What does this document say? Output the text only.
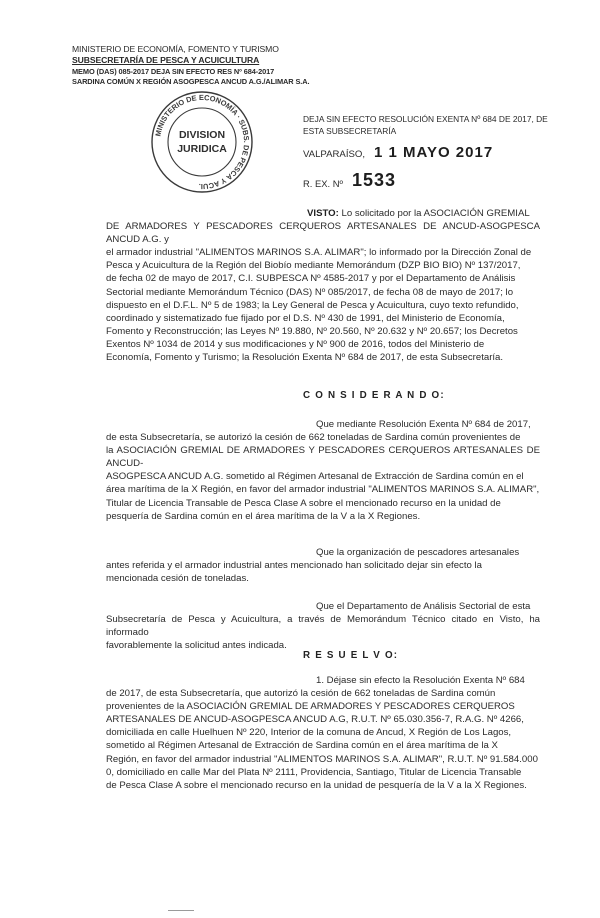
MINISTERIO DE ECONOMÍA, FOMENTO Y TURISMO
SUBSECRETARÍA DE PESCA Y ACUICULTURA
MEMO (DAS) 085-2017 DEJA SIN EFECTO RES Nº 684-2017
SARDINA COMÚN X REGIÓN ASOGPESCA ANCUD A.G./ALIMAR S.A.
MINISTERIO DE ECONOMÍA · SUBS. DE PESCA Y ACUI.
DIVISION
JURIDICA
DEJA SIN EFECTO RESOLUCIÓN EXENTA Nº 684 DE 2017, DE
ESTA SUBSECRETARÍA
VALPARAÍSO, 1 1 MAYO 2017
R. EX. Nº 1533
VISTO: Lo solicitado por la ASOCIACIÓN GREMIAL
DE ARMADORES Y PESCADORES CERQUEROS ARTESANALES DE ANCUD-ASOGPESCA ANCUD A.G. y
el armador industrial "ALIMENTOS MARINOS S.A. ALIMAR"; lo informado por la Dirección Zonal de
Pesca y Acuicultura de la Región del Biobío mediante Memorándum (DZP BIO BIO) Nº 137/2017,
de fecha 02 de mayo de 2017, C.I. SUBPESCA Nº 4585-2017 y por el Departamento de Análisis
Sectorial mediante Memorándum Técnico (DAS) Nº 085/2017, de fecha 08 de mayo de 2017; lo
dispuesto en el D.F.L. Nº 5 de 1983; la Ley General de Pesca y Acuicultura, cuyo texto refundido,
coordinado y sistematizado fue fijado por el D.S. Nº 430 de 1991, del Ministerio de Economía,
Fomento y Reconstrucción; las Leyes Nº 19.880, Nº 20.560, Nº 20.632 y Nº 20.657; los Decretos
Exentos Nº 1034 de 2014 y sus modificaciones y Nº 900 de 2016, todos del Ministerio de
Economía, Fomento y Turismo; la Resolución Exenta Nº 684 de 2017, de esta Subsecretaría.
C O N S I D E R A N D O:
Que mediante Resolución Exenta Nº 684 de 2017,
de esta Subsecretaría, se autorizó la cesión de 662 toneladas de Sardina común provenientes de
la ASOCIACIÓN GREMIAL DE ARMADORES Y PESCADORES CERQUEROS ARTESANALES DE ANCUD-
ASOGPESCA ANCUD A.G. sometido al Régimen Artesanal de Extracción de Sardina común en el
área marítima de la X Región, en favor del armador industrial "ALIMENTOS MARINOS S.A. ALIMAR",
Titular de Licencia Transable de Pesca Clase A sobre el mencionado recurso en la unidad de
pesquería de Sardina común en el área marítima de la V a la X Regiones.
Que la organización de pescadores artesanales
antes referida y el armador industrial antes mencionado han solicitado dejar sin efecto la
mencionada cesión de toneladas.
Que el Departamento de Análisis Sectorial de esta
Subsecretaría de Pesca y Acuicultura, a través de Memorándum Técnico citado en Visto, ha informado
favorablemente la solicitud antes indicada.
R E S U E L V O:
1. Déjase sin efecto la Resolución Exenta Nº 684
de 2017, de esta Subsecretaría, que autorizó la cesión de 662 toneladas de Sardina común
provenientes de la ASOCIACIÓN GREMIAL DE ARMADORES Y PESCADORES CERQUEROS
ARTESANALES DE ANCUD-ASOGPESCA ANCUD A.G, R.U.T. Nº 65.030.356-7, R.A.G. Nº 4266,
domiciliada en calle Huelhuen Nº 220, Interior de la comuna de Ancud, X Región de Los Lagos,
sometido al Régimen Artesanal de Extracción de Sardina común en el área marítima de la X
Región, en favor del armador industrial "ALIMENTOS MARINOS S.A. ALIMAR", R.U.T. Nº 91.584.000
0, domiciliado en calle Mar del Plata Nº 2111, Providencia, Santiago, Titular de Licencia Transable
de Pesca Clase A sobre el mencionado recurso en la unidad de pesquería de la V a la X Regiones.
